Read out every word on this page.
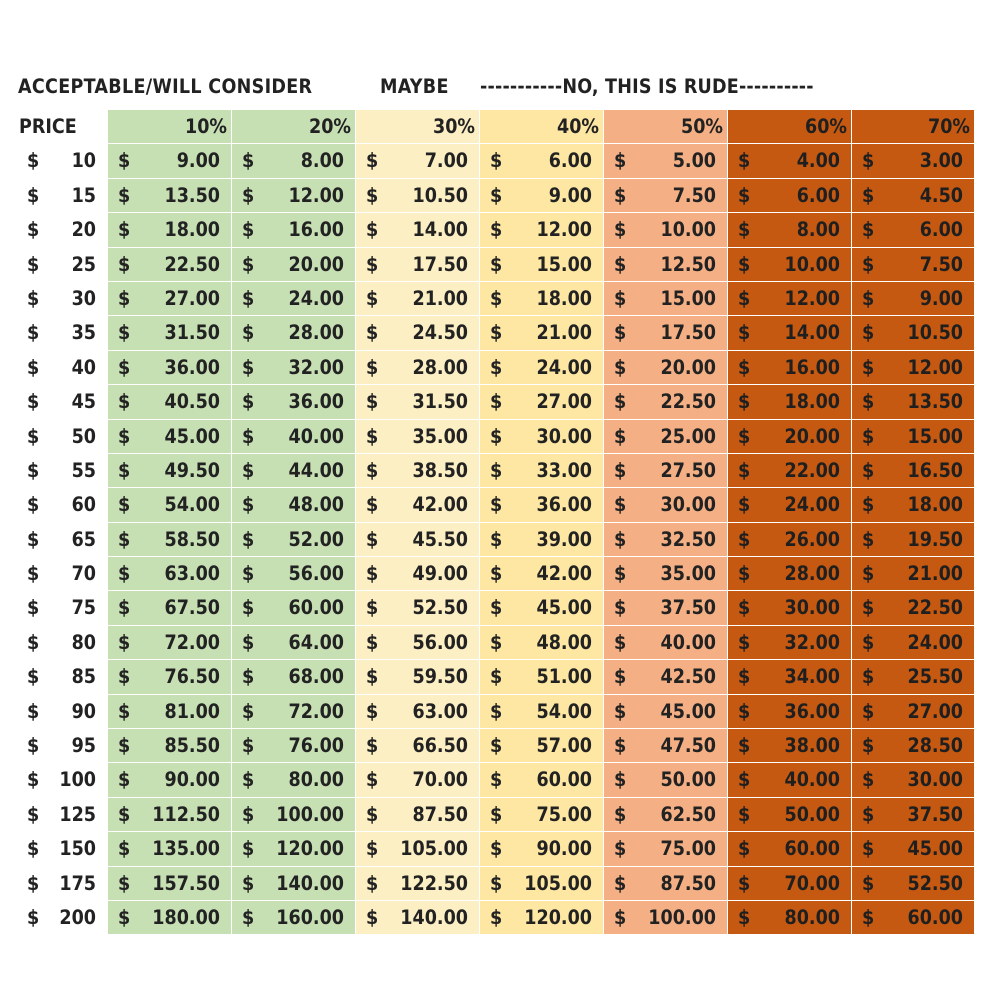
ACCEPTABLE/WILL CONSIDER	MAYBE -----------NO, THIS IS RUDE----------
PRICE	10%	20%	30%	40%	50%	60%	70%
$ 10 $ 9.00 $ 8.00 $ 7.00 $ 6.00 $ 5.00 $ 4.00 $ 3.00
$ 15 $ 13.50 $ 12.00 $ 10.50 $ 9.00 $ 7.50 $ 6.00 $ 4.50
$ 20 $ 18.00 $ 16.00 $ 14.00 $ 12.00 $ 10.00 $ 8.00 $ 6.00
$ 25 $ 22.50 $ 20.00 $ 17.50 $ 15.00 $ 12.50 $ 10.00 $ 7.50
$ 30 $ 27.00 $ 24.00 $ 21.00 $ 18.00 $ 15.00 $ 12.00 $ 9.00
$ 35 $ 31.50 $ 28.00 $ 24.50 $ 21.00 $ 17.50 $ 14.00 $ 10.50
$ 40 $ 36.00 $ 32.00 $ 28.00 $ 24.00 $ 20.00 $ 16.00 $ 12.00
$ 45 $ 40.50 $ 36.00 $ 31.50 $ 27.00 $ 22.50 $ 18.00 $ 13.50
$ 50 $ 45.00 $ 40.00 $ 35.00 $ 30.00 $ 25.00 $ 20.00 $ 15.00
$ 55 $ 49.50 $ 44.00 $ 38.50 $ 33.00 $ 27.50 $ 22.00 $ 16.50
$ 60 $ 54.00 $ 48.00 $ 42.00 $ 36.00 $ 30.00 $ 24.00 $ 18.00
$ 65 $ 58.50 $ 52.00 $ 45.50 $ 39.00 $ 32.50 $ 26.00 $ 19.50
$ 70 $ 63.00 $ 56.00 $ 49.00 $ 42.00 $ 35.00 $ 28.00 $ 21.00
$ 75 $ 67.50 $ 60.00 $ 52.50 $ 45.00 $ 37.50 $ 30.00 $ 22.50
$ 80 $ 72.00 $ 64.00 $ 56.00 $ 48.00 $ 40.00 $ 32.00 $ 24.00
$ 85 $ 76.50 $ 68.00 $ 59.50 $ 51.00 $ 42.50 $ 34.00 $ 25.50
$ 90 $ 81.00 $ 72.00 $ 63.00 $ 54.00 $ 45.00 $ 36.00 $ 27.00
$ 95 $ 85.50 $ 76.00 $ 66.50 $ 57.00 $ 47.50 $ 38.00 $ 28.50
$ 100 $ 90.00 $ 80.00 $ 70.00 $ 60.00 $ 50.00 $ 40.00 $ 30.00
$ 125 $ 112.50 $ 100.00 $ 87.50 $ 75.00 $ 62.50 $ 50.00 $ 37.50
$ 150 $ 135.00 $ 120.00 $ 105.00 $ 90.00 $ 75.00 $ 60.00 $ 45.00
$ 175 $ 157.50 $ 140.00 $ 122.50 $ 105.00 $ 87.50 $ 70.00 $ 52.50
$ 200 $ 180.00 $ 160.00 $ 140.00 $ 120.00 $ 100.00 $ 80.00 $ 60.00
